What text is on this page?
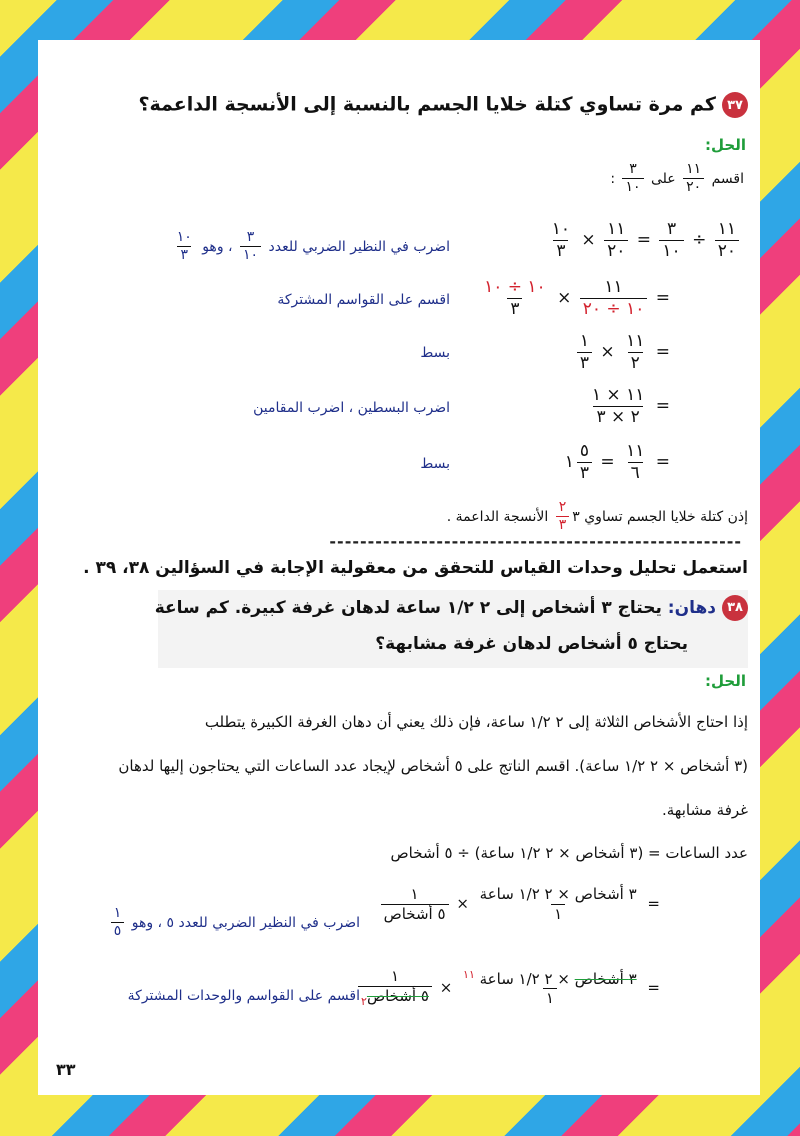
٣٧كم مرة تساوي كتلة خلايا الجسم بالنسبة إلى الأنسجة الداعمة؟
الحل:
اقسم
$\frac{١١}{٢٠}$
على
$\frac{٣}{١٠}$
:
$\frac{١١}{٢٠}$
÷
$\frac{٣}{١٠}$
=
$\frac{١١}{٢٠}$
×
$\frac{١٠}{٣}$
اضرب في النظير الضربي للعدد
$\frac{٣}{١٠}$
، وهو
$\frac{١٠}{٣}$
=
$\frac{١١}{١٠ \div ٢٠}$
×
$\frac{١٠ \div ١٠}{٣}$
اقسم على القواسم المشتركة
=
$\frac{١١}{٢}$
×
$\frac{١}{٣}$
بسط
=
$\frac{١١ \times ١}{٢ \times ٣}$
اضرب البسطين ، اضرب المقامين
=
$\frac{١١}{٦}$
=
$\frac{٥}{٣}$
١
بسط
إذن كتلة خلايا الجسم تساوي ٣
$\frac{٢}{٣}$
الأنسجة الداعمة .
------------------------------------------------------
استعمل تحليل وحدات القياس للتحقق من معقولية الإجابة في السؤالين ٣٨، ٣٩ .
٣٨دهان: يحتاج ٣ أشخاص إلى ٢ ١/٢ ساعة لدهان غرفة كبيرة. كم ساعة
يحتاج ٥ أشخاص لدهان غرفة مشابهة؟
الحل:
إذا احتاج الأشخاص الثلاثة إلى ٢ ١/٢ ساعة، فإن ذلك يعني أن دهان الغرفة الكبيرة يتطلب
(٣ أشخاص × ٢ ١/٢ ساعة). اقسم الناتج على ٥ أشخاص لإيجاد عدد الساعات التي يحتاجون إليها لدهان
غرفة مشابهة.
عدد الساعات = (٣ أشخاص × ٢ ١/٢ ساعة) ÷ ٥ أشخاص
=
$\frac{\text{٣ أشخاص × ٢ ١/٢ ساعة}}{١}$
×
$\frac{١}{\text{٥ أشخاص}}$
اضرب في النظير الضربي للعدد ٥ ، وهو
$\frac{١}{٥}$
=
$\frac{٣ أشخاص \times ٢ ١/٢ ساعة ^{١١}}{١}$
×
$\frac{١}{٥ أشخاص_٢}$
اقسم على القواسم والوحدات المشتركة
٣٣
